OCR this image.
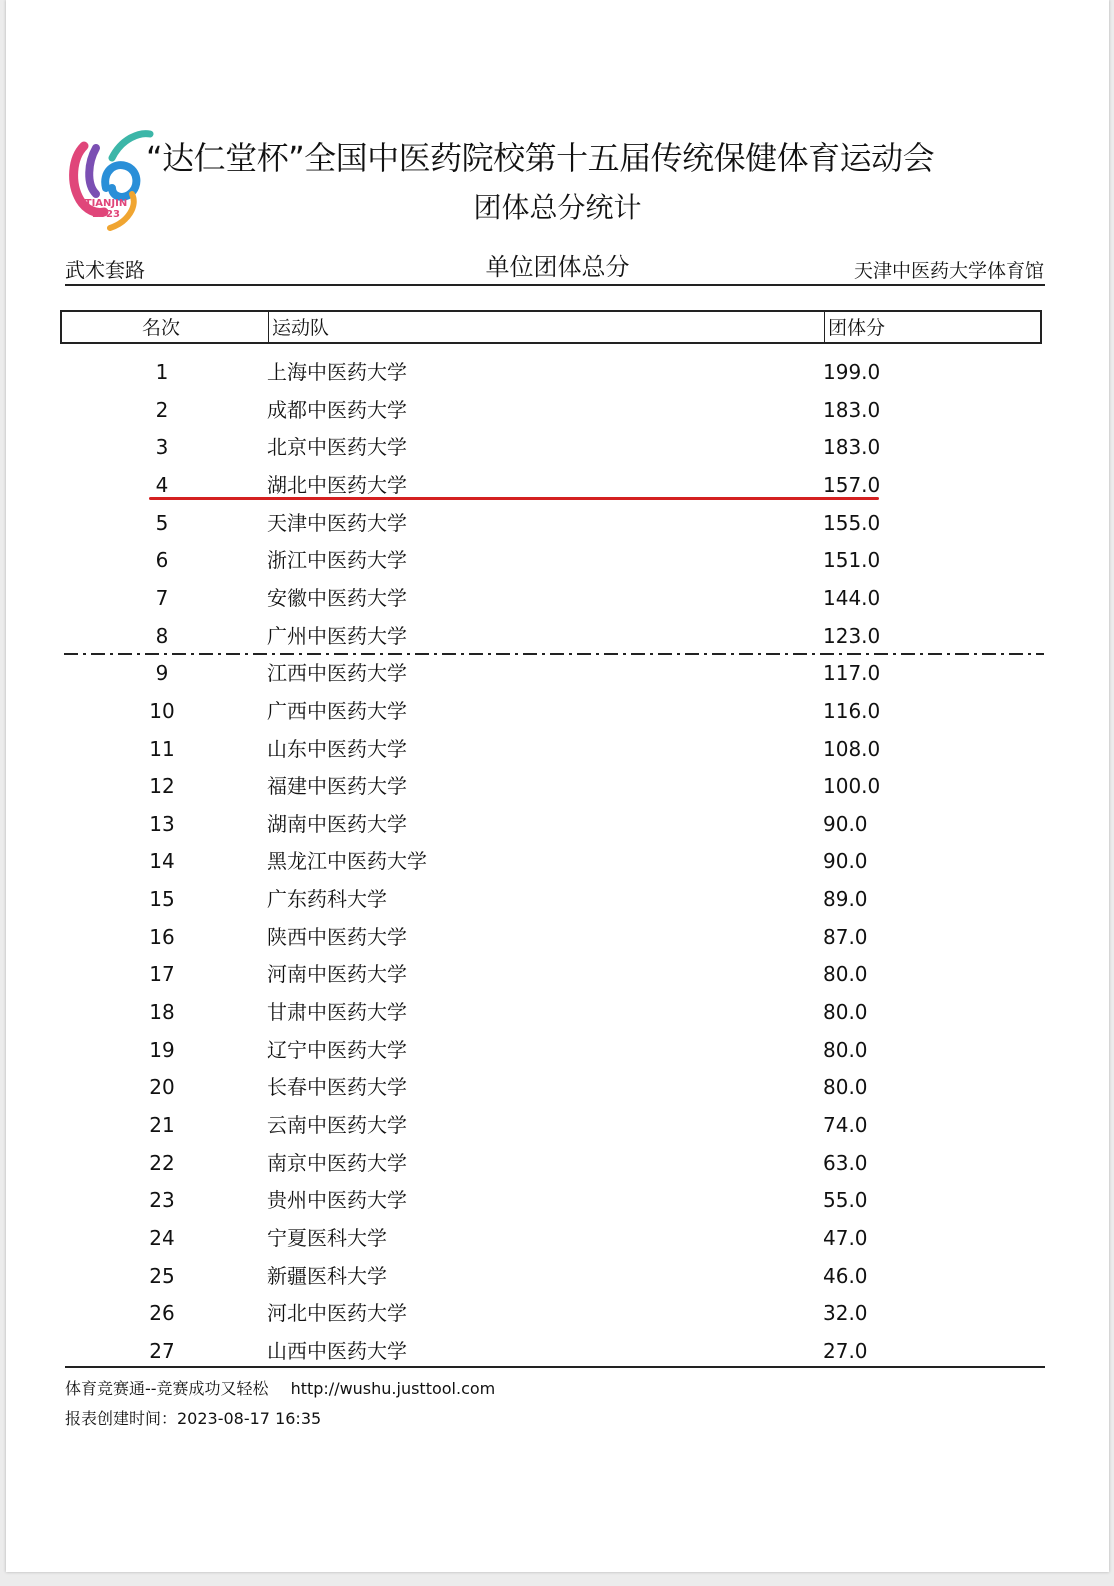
TIANJIN
2023
“达仁堂杯”全国中医药院校第十五届传统保健体育运动会
团体总分统计
武术套路	单位团体总分	天津中医药大学体育馆
名次	运动队	团体分
1	上海中医药大学	199.0
2	成都中医药大学	183.0
3	北京中医药大学	183.0
4	湖北中医药大学	157.0
5	天津中医药大学	155.0
6	浙江中医药大学	151.0
7	安徽中医药大学	144.0
8	广州中医药大学	123.0
9	江西中医药大学	117.0
10	广西中医药大学	116.0
11	山东中医药大学	108.0
12	福建中医药大学	100.0
13	湖南中医药大学	90.0
14	黑龙江中医药大学	90.0
15	广东药科大学	89.0
16	陕西中医药大学	87.0
17	河南中医药大学	80.0
18	甘肃中医药大学	80.0
19	辽宁中医药大学	80.0
20	长春中医药大学	80.0
21	云南中医药大学	74.0
22	南京中医药大学	63.0
23	贵州中医药大学	55.0
24	宁夏医科大学	47.0
25	新疆医科大学	46.0
26	河北中医药大学	32.0
27	山西中医药大学	27.0
体育竞赛通--竞赛成功又轻松 http://wushu.justtool.com
报表创建时间：2023-08-17 16:35
